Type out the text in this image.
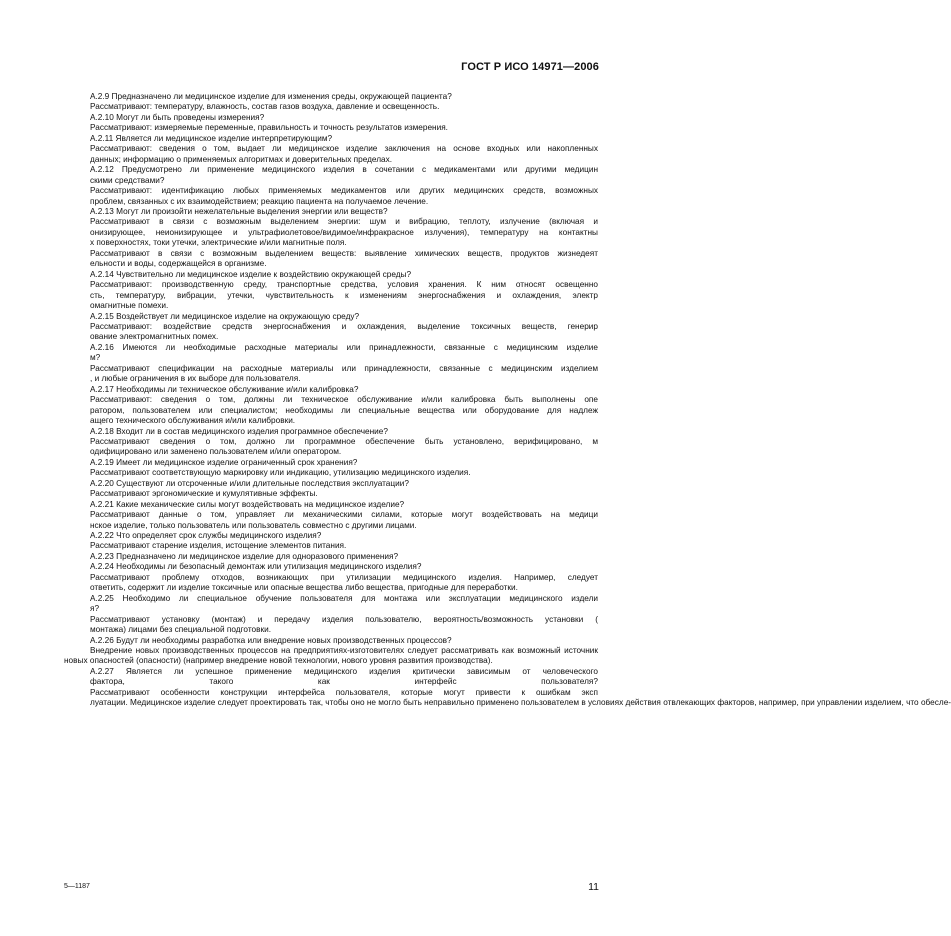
ГОСТ Р ИСО 14971—2006

А.2.9 Предназначено ли медицинское изделие для изменения среды, окружающей пациента?

Рассматривают: температуру, влажность, состав газов воздуха, давление и освещенность.

А.2.10 Могут ли быть проведены измерения?

Рассматривают: измеряемые переменные, правильность и точность результатов измерения.

А.2.11 Является ли медицинское изделие интерпретирующим?

Рассматривают: сведения о том, выдает ли медицинское изделие заключения на основе входных или накопленных
данных; информацию о применяемых алгоритмах и доверительных пределах.

А.2.12 Предусмотрено ли применение медицинского изделия в сочетании с медикаментами или другими медицин
скими средствами?

Рассматривают: идентификацию любых применяемых медикаментов или других медицинских средств, возможных
проблем, связанных с их взаимодействием; реакцию пациента на получаемое лечение.

А.2.13 Могут ли произойти нежелательные выделения энергии или веществ?

Рассматривают в связи с возможным выделением энергии: шум и вибрацию, теплоту, излучение (включая и
онизирующее, неионизирующее и ультрафиолетовое/видимое/инфракрасное излучения), температуру на контактны
х поверхностях, токи утечки, электрические и/или магнитные поля.

Рассматривают в связи с возможным выделением веществ: выявление химических веществ, продуктов жизнедеят
ельности и воды, содержащейся в организме.

А.2.14 Чувствительно ли медицинское изделие к воздействию окружающей среды?

Рассматривают: производственную среду, транспортные средства, условия хранения. К ним относят освещенно
сть, температуру, вибрации, утечки, чувствительность к изменениям энергоснабжения и охлаждения, электр
омагнитные помехи.

А.2.15 Воздействует ли медицинское изделие на окружающую среду?

Рассматривают: воздействие средств энергоснабжения и охлаждения, выделение токсичных веществ, генерир
ование электромагнитных помех.

А.2.16 Имеются ли необходимые расходные материалы или принадлежности, связанные с медицинским изделие
м?

Рассматривают спецификации на расходные материалы или принадлежности, связанные с медицинским изделием
, и любые ограничения в их выборе для пользователя.

А.2.17 Необходимы ли техническое обслуживание и/или калибровка?

Рассматривают: сведения о том, должны ли техническое обслуживание и/или калибровка быть выполнены опе
ратором, пользователем или специалистом; необходимы ли специальные вещества или оборудование для надлеж
ащего технического обслуживания и/или калибровки.

А.2.18 Входит ли в состав медицинского изделия программное обеспечение?

Рассматривают сведения о том, должно ли программное обеспечение быть установлено, верифицировано, м
одифицировано или заменено пользователем и/или оператором.

А.2.19 Имеет ли медицинское изделие ограниченный срок хранения?

Рассматривают соответствующую маркировку или индикацию, утилизацию медицинского изделия.

А.2.20 Существуют ли отсроченные и/или длительные последствия эксплуатации?

Рассматривают эргономические и кумулятивные эффекты.

А.2.21 Какие механические силы могут воздействовать на медицинское изделие?

Рассматривают данные о том, управляет ли механическими силами, которые могут воздействовать на медици
нское изделие, только пользователь или пользователь совместно с другими лицами.

А.2.22 Что определяет срок службы медицинского изделия?

Рассматривают старение изделия, истощение элементов питания.

А.2.23 Предназначено ли медицинское изделие для одноразового применения?

А.2.24 Необходимы ли безопасный демонтаж или утилизация медицинского изделия?

Рассматривают проблему отходов, возникающих при утилизации медицинского изделия. Например, следует
ответить, содержит ли изделие токсичные или опасные вещества либо вещества, пригодные для переработки.

А.2.25 Необходимо ли специальное обучение пользователя для монтажа или эксплуатации медицинского издели
я?

Рассматривают установку (монтаж) и передачу изделия пользователю, вероятность/возможность установки (
монтажа) лицами без специальной подготовки.

А.2.26 Будут ли необходимы разработка или внедрение новых производственных процессов?

Внедрение новых производственных процессов на предприятиях-изготовителях следует рассматривать как возможный источник новых опасностей (опасности) (например внедрение новой технологии, нового уровня развития производства).

А.2.27 Является ли успешное применение медицинского изделия критически зависимым от человеческого
фактора, такого как интерфейс пользователя?

Рассматривают особенности конструкции интерфейса пользователя, которые могут привести к ошибкам эксп
луатации. Медицинское изделие следует проектировать так, чтобы оно не могло быть неправильно применено пользователем в условиях действия отвлекающих факторов, например, при управлении изделием, что обесле-

5—1187	11
